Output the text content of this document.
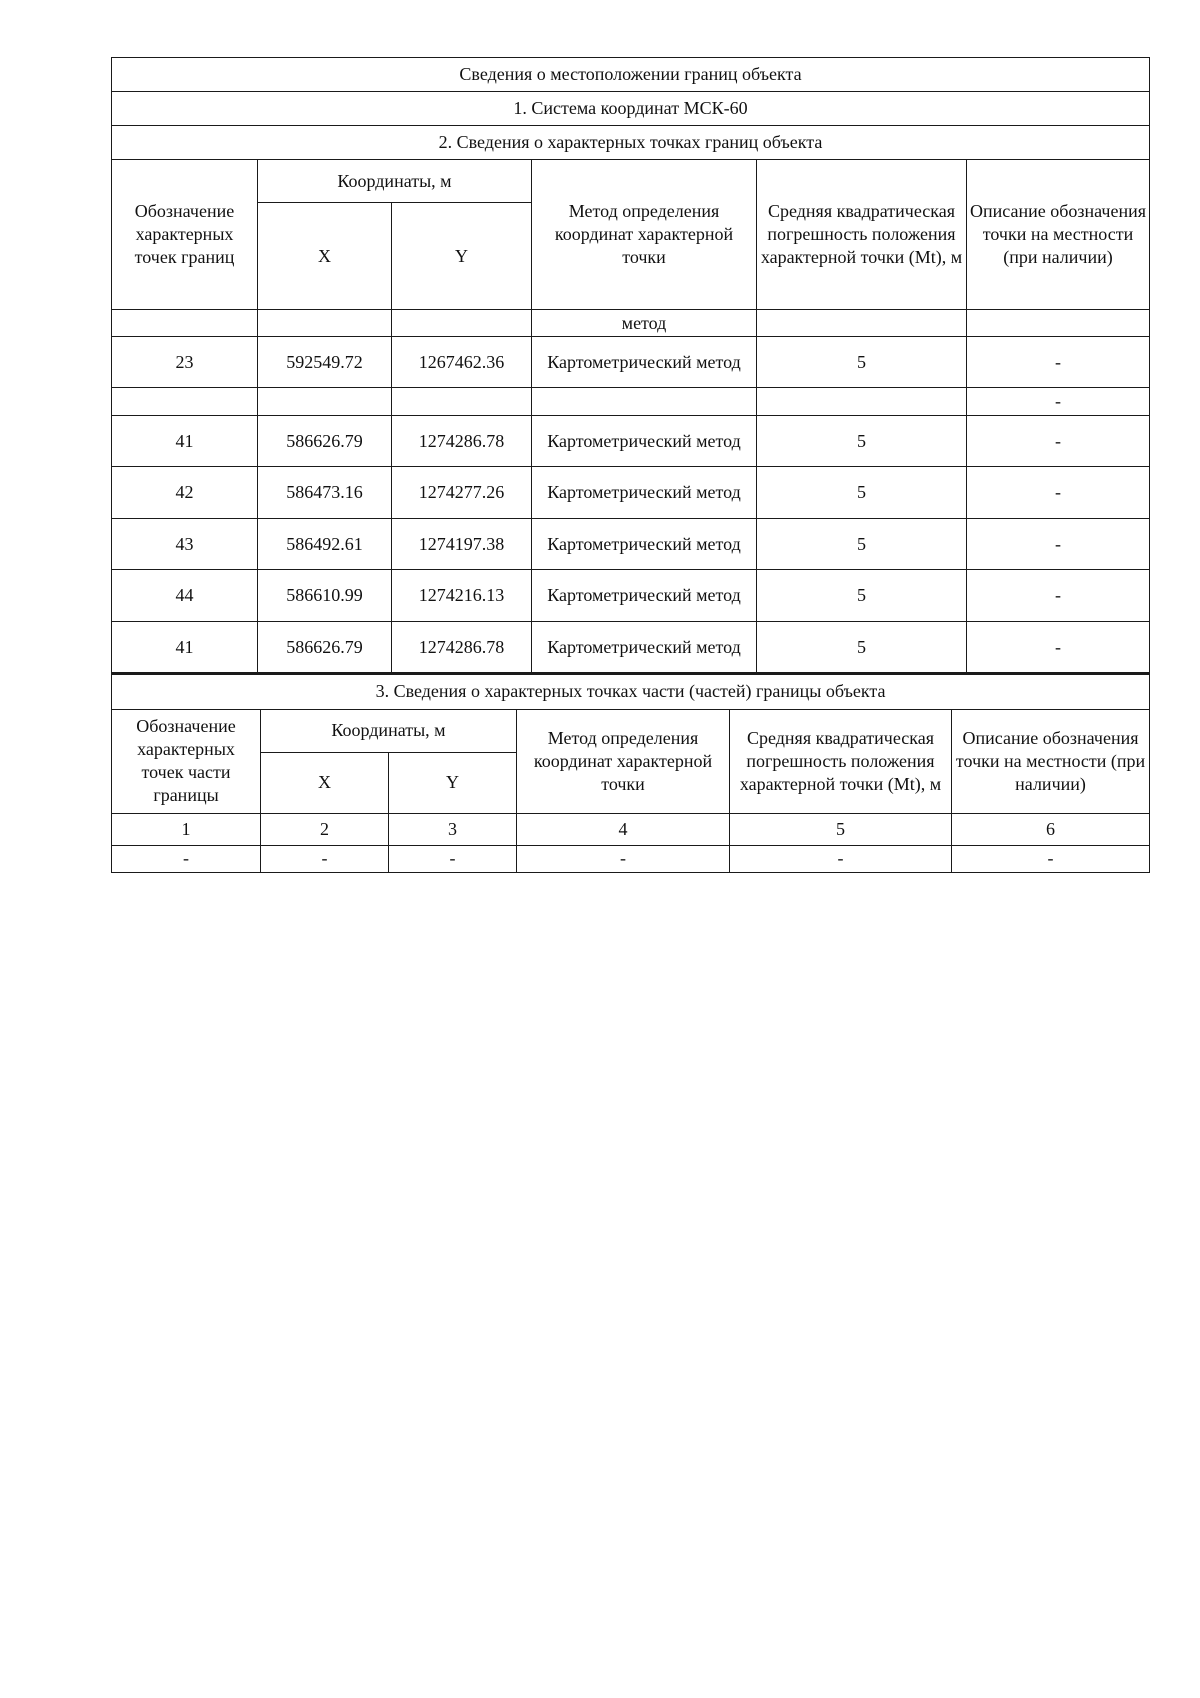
Сведения о местоположении границ объекта					
1. Система координат МСК-60					
2. Сведения о характерных точках границ объекта					
Обозначение характерных точек границ	Координаты, м		Метод определения координат характерной точки	Средняя квадратическая погрешность положения характерной точки (Mt), м	Описание обозначения точки на местности (при наличии)
	X	Y			
			метод		
23	592549.72	1267462.36	Картометрический метод	5	-
					-
41	586626.79	1274286.78	Картометрический метод	5	-
42	586473.16	1274277.26	Картометрический метод	5	-
43	586492.61	1274197.38	Картометрический метод	5	-
44	586610.99	1274216.13	Картометрический метод	5	-
41	586626.79	1274286.78	Картометрический метод	5	-
3. Сведения о характерных точках части (частей) границы объекта					
Обозначение характерных точек части границы	Координаты, м		Метод определения координат характерной точки	Средняя квадратическая погрешность положения характерной точки (Mt), м	Описание обозначения точки на местности (при наличии)
	X	Y			
1	2	3	4	5	6
-	-	-	-	-	-
